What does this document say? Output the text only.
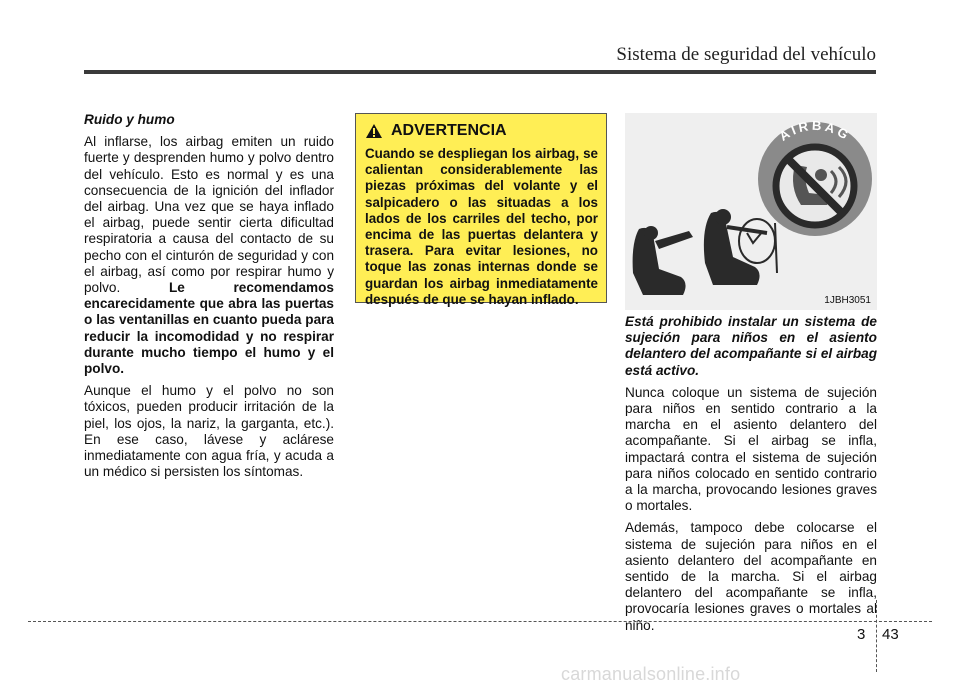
Sistema de seguridad del vehículo

Ruido y humo

Al inflarse, los airbag emiten un ruido fuerte y desprenden humo y polvo dentro del vehículo. Esto es normal y es una consecuencia de la ignición del inflador del airbag. Una vez que se haya inflado el airbag, puede sentir cierta dificultad respiratoria a causa del contacto de su pecho con el cinturón de seguridad y con el airbag, así como por respirar humo y polvo. Le recomendamos encarecidamente que abra las puertas o las ventanillas en cuanto pueda para reducir la incomodidad y no respirar durante mucho tiempo el humo y el polvo.

Aunque el humo y el polvo no son tóxicos, pueden producir irritación de la piel, los ojos, la nariz, la garganta, etc.). En ese caso, lávese y aclárese inmediatamente con agua fría, y acuda a un médico si persisten los síntomas.

ADVERTENCIA
Cuando se despliegan los airbag, se calientan considerablemente las piezas próximas del volante y el salpicadero o las situadas a los lados de los carriles del techo, por encima de las puertas delantera y trasera. Para evitar lesiones, no toque las zonas internas donde se guardan los airbag inmediatamente después de que se hayan inflado.
AIRBAG
1JBH3051

Está prohibido instalar un sistema de sujeción para niños en el asiento delantero del acompañante si el airbag está activo.

Nunca coloque un sistema de sujeción para niños en sentido contrario a la marcha en el asiento delantero del acompañante. Si el airbag se infla, impactará contra el sistema de sujeción para niños colocado en sentido contrario a la marcha, provocando lesiones graves o mortales.

Además, tampoco debe colocarse el sistema de sujeción para niños en el asiento delantero del acompañante en sentido de la marcha. Si el airbag delantero del acompañante se infla, provocaría lesiones graves o mortales al niño.

3 43
carmanualsonline.info
